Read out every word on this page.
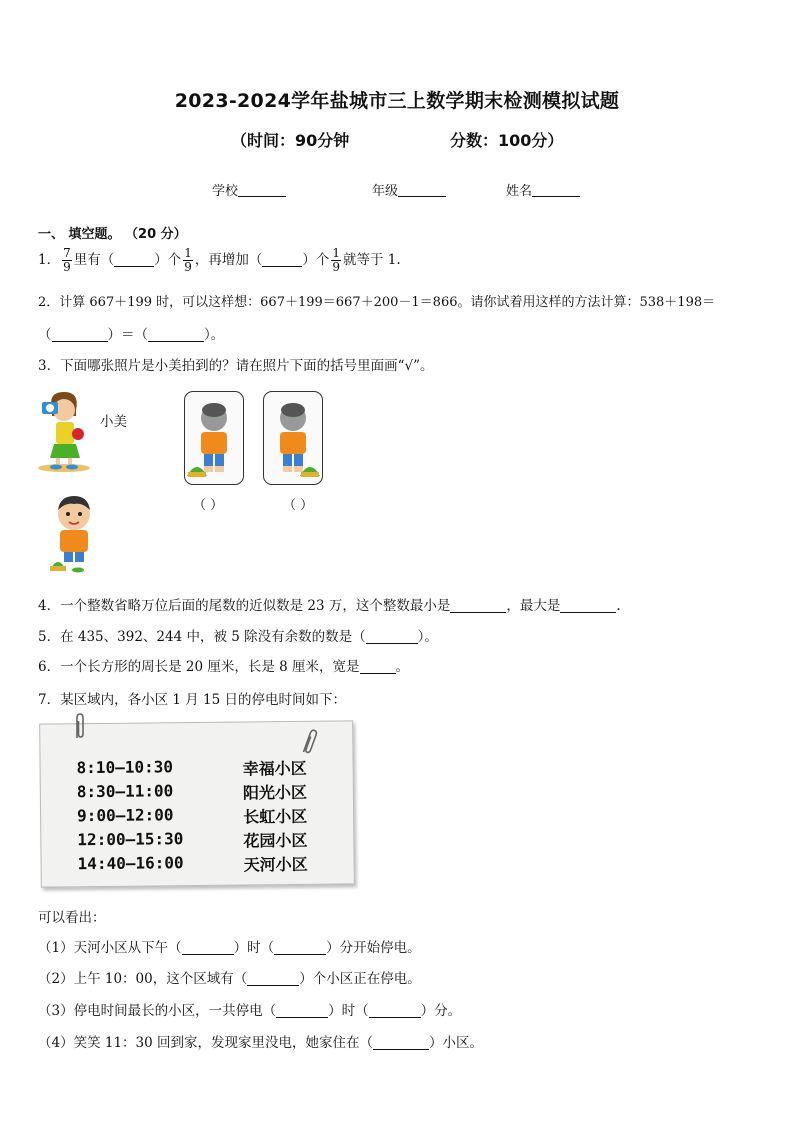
2023-2024学年盐城市三上数学期末检测模拟试题
（时间：90分钟	分数：100分）
学校	年级	姓名
一、 填空题。 （20 分）
1． $\frac{7}{9}$ 里有（	）个 $\frac{1}{9}$ ，再增加（	）个 $\frac{1}{9}$ 就等于 1.
2．计算 667＋199 时，可以这样想：667＋199＝667＋200－1＝866。请你试着用这样的方法计算：538＋198＝
（	）＝（	）。
3．下面哪张照片是小美拍到的？请在照片下面的括号里面画“√”。
小美
（ ）	（ ）
4．一个整数省略万位后面的尾数的近似数是 23 万，这个整数最小是	，最大是	.
5．在 435、392、244 中，被 5 除没有余数的数是（	）。
6．一个长方形的周长是 20 厘米，长是 8 厘米，宽是	。
7．某区域内，各小区 1 月 15 日的停电时间如下：
8:10—10:30	幸福小区
8:30—11:00	阳光小区
9:00—12:00	长虹小区
12:00—15:30	花园小区
14:40—16:00	天河小区
可以看出：
（1）天河小区从下午（	）时（	）分开始停电。
（2）上午 10：00，这个区域有（	）个小区正在停电。
（3）停电时间最长的小区，一共停电（	）时（	）分。
（4）笑笑 11：30 回到家，发现家里没电，她家住在（	）小区。
